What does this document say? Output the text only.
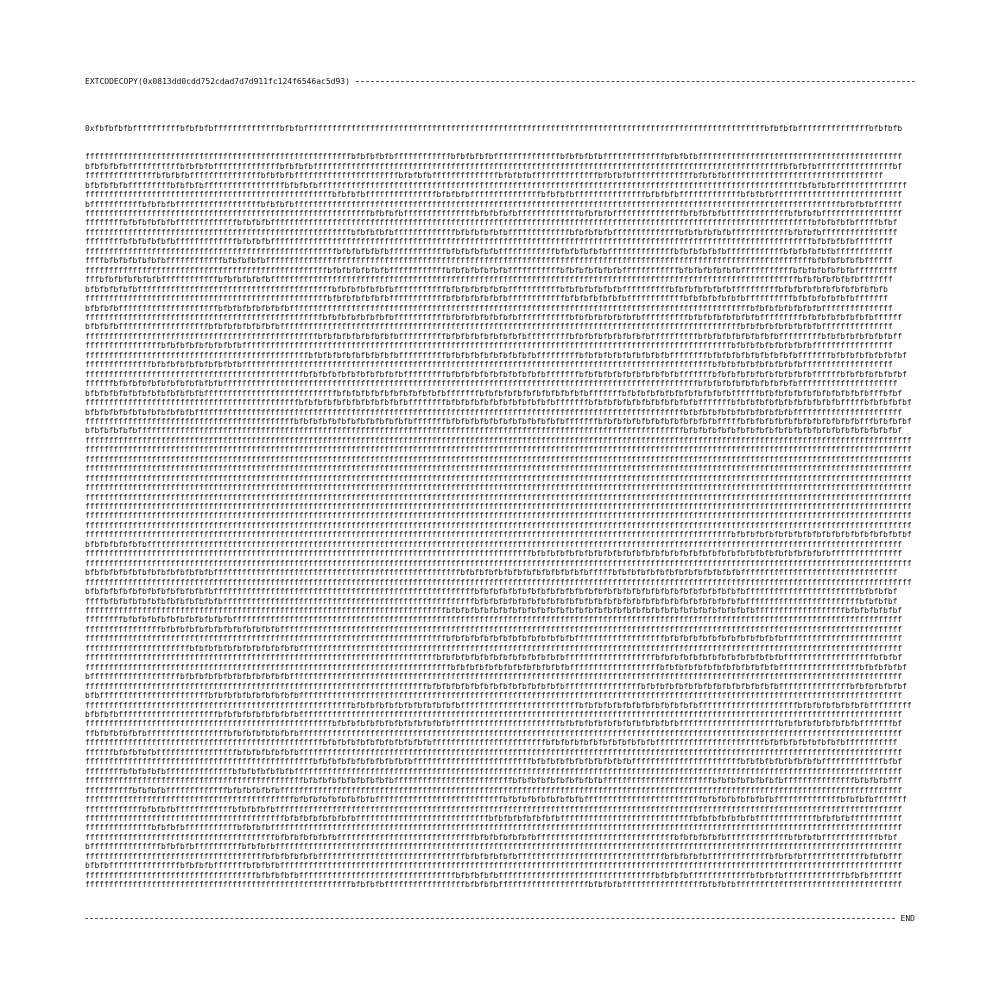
EXTCODECOPY(0x0813dd0cdd752cdad7d7d911fc124f6546ac5d93)

0xfbfbfbfbffffffffffbfbfbfbffffffffffffffbfbfbfffffffffffffffffffffffffffffffffffffffffffffffffffffffffffffffffffffffffffffffffffffffffffffffffbfbfbfbfffffffffffffffbfbfbfb

ffffffffffffffffffffffffffffffffffffffffffffffffffffffffbfbfbfbfbffffffffffffbfbfbfbfbffffffffffffffbfbfbfbfbfffffffffffffbfbfbfbfffffffffffffffffffffffffffffffffffffffffff
bfbfbfbfbfffffffffffbfbfbfbffffffffffffffbfbfbfbfffffffffffffffffffffffffffffffffffffffffffffffffffffffffffffffffffffffffffffffffffffffffffffffffffbfbfbfbffffffffffffffffbf
fffffffffffffffbfbfbfbfffffffffffffffbfbfbfbffffffffffffffffffffffbfbfbfbffffffffffffffbfbfbfbffffffffffffffbfbfbfbfffffffffffffbfbfbfbfffffffffffffffffffffffffffffffff
bfbfbfbfbfffffffffbfbfbfbfffffffffffffffffbfbfbfbffffffffffffffffffffffffffffffffffffffffffffffffffffffffffffffffffffffffffffffffffffffffffffffffffffffbfbfbfbfffffffffffffff
ffffffffffffffffffffffffffffffffffffffffffffffffffffbfbfbfbfffffffffffffffbfbfbfbfffffffffffffffbfbfbfbfffffffffffffffbfbfbfbfffffffffffffbfbfbfbfffffffffffffffffffffffffff
bfffffffffffbfbfbfbffffffffffffffffffbfbfbfbfffffffffffffffffffffffffffffffffffffffffffffffffffffffffffffffffffffffffffffffffffffffffffffffffffffffffffffffffffbfbfbfbffffff
ffffffffffffffffffffffffffffffffffffffffffffffffffffffffffffbfbfbfbfffffffffffffffbfbfbfbfbfffffffffffffbfbfbfbfffffffffffffffbfbfbfbfbfffffffffffffbfbfbfbfffffffffffffffff
ffffffffbfbfbfbfbfbfffffffffffffbfbfbfbffffffffffffffffffffffffffffffffffffffffffffffffffffffffffffffffffffffffffffffffffffffffffffffffffffffffffffffffffbfbfbfbfbfffffbfbf
ffffffffffffffffffffffffffffffffffffffffffffffffffffffffbfbfbfbfbfffffffffffffbfbfbfbfbfbfffffffffffffbfbfbfbfbffffffffffffffbfbfbfbfbfbffffffffffffbfbfbfbffffffffffffffff
ffffffffbfbfbfbfbfbfffffffffffffbfbfbfbffffffffffffffffffffffffffffffffffffffffffffffffffffffffffffffffffffffffffffffffffffffffffffffffffffffffffffffffffbfbfbfbfbffffffff
fffffffffffffffffffffffffffffffffffffffffffffffffffffbfbfbfbfbfbffffffffffffbfbfbfbfbfbffffffffffffbfbfbfbfbfbffffffffffffffbfbfbfbfbfbffffffffffffbfbfbfbfbfbffffffffffff
ffffbfbfbfbfbfbfbffffffffffffbfbfbfbfbfffffffffffffffffffffffffffffffffffffffffffffffffffffffffffffffffffffffffffffffffffffffffffffffffffffffffffffffffffbfbfbfbfbfbffffff
fffffffffffffffffffffffffffffffffffffffffffffffffffbfbfbfbfbfbfbffffffffffffbfbfbfbfbfbfbfffffffffffbfbfbfbfbfbfbffffffffffffbfbfbfbfbfbfbfffffffffffbfbfbfbfbfbfbfffffffff
fffbfbfbfbfbfbfbffffffffffffbfbfbfbfbfbfffffffffffffffffffffffffffffffffffffffffffffffffffffffffffffffffffffffffffffffffffffffffffffffffffffffffffffffbfbfbfbfbfbfbfffffff
bfbfbfbfbfbfffffffffffffffffffffffffffffffffffffffffbfbfbfbfbfbfbfffffffffffbfbfbfbfbfbfbfffffffffffbfbfbfbfbfbfbffffffffffbfbfbfbfbfbfbffffffffffbfbfbfbfbfbfbfbfbfbfbfb
fffffffffffffffffffffffffffffffffffffffffffffffffffbfbfbfbfbfbfbffffffffffffbfbfbfbfbfbfbffffffffffffbfbfbfbfbfbfbffffffffffffbfbfbfbfbfbfbffffffffffbfbfbfbfbfbfbfffffff
bfbfbfbfffffffffffffffffffffbfbfbfbfbfbfbfbfffffffffffffffffffffffffffffffffffffffffffffffffffffffffffffffffffffffffffffffffffffffffffffffffbfbfbfbfbfbfbfbfffffffffffffff
ffffffffffffffffffffffffffffffffffffffffffffffffffbfbfbfbfbfbfbfbfffffffffffbfbfbfbfbfbfbfbfffffffffffbfbfbfbfbfbfbfbffffffffffbfbfbfbfbfbfbfbfffffffffbfbfbfbfbfbfbfbffffff
bfbfbfbfffffffffffffffffffbfbfbfbfbfbfbfbfffffffffffffffffffffffffffffffffffffffffffffffffffffffffffffffffffffffffffffffffffffffffffffffffbfbfbfbfbfbfbfbfbfffffffffffffff
fffffffffffffffffffffffffffffffffffffffffffffffffbfbfbfbfbfbfbfbfbffffffffffbfbfbfbfbfbfbfbfbfffffffffbfbfbfbfbfbfbfbfbffffffffffbfbfbfbfbfbfbfbfbfffffffffbfbfbfbfbfbfbfbff
ffffffffffffffffbfbfbfbfbfbfbfbfbfffffffffffffffffffffffffffffffffffffffffffffffffffffffffffffffffffffffffffffffffffffffffffffffffffffffbfbfbfbfbfbfbfbfbfffffffffffffffff
fffffffffffffffffffffffffffffffffffffffffffffffbfbfbfbfbfbfbfbfbfbffffffffffbfbfbfbfbfbfbfbfbfbfffffffffbfbfbfbfbfbfbfbfbfbffffffffbfbfbfbfbfbfbfbfbfbfffffffbfbfbfbfbfbfbfbf
ffffffffffffffbfbfbfbfbfbfbfbfbfbfffffffffffffffffffffffffffffffffffffffffffffffffffffffffffffffffffffffffffffffffffffffffffffffffffbfbfbfbfbfbfbfbfbfbfffffffffffffffffff
ffffffffffffffffffffffffffffffffffffffffffffffbfbfbfbfbfbfbfbfbfbfbfffffffffbfbfbfbfbfbfbfbfbfbfbfffffffbfbfbfbfbfbfbfbfbfbfbfffffffbfbfbfbfbfbfbfbfbfbfbffffffbfbfbfbfbfbfbf
ffffffbfbfbfbfbfbfbfbfbfbfbfbffffffffffffffffffffffffffffffffffffffffffffffffffffffffffffffffffffffffffffffffffffffffffffffffffffbfbfbfbfbfbfbfbfbfbfbfffffffffffffffffffff
bfbfbfbfbfbfbfbfbfbfbfbfbffffffffffffffffffffffffffffbfbfbfbfbfbfbfbfbfbfbfbfffffffbfbfbfbfbfbfbfbfbfbfbfbfffffffbfbfbfbfbfbfbfbfbfbfbfbffffffbfbfbfbfbfbfbfbfbfbfbfbfffbfbf
fffffffffffffffffffffffffffffffffffffffffffffbfbfbfbfbfbfbfbfbfbfbfbffffffffbfbfbfbfbfbfbfbfbfbfbfbfffffffbfbfbfbfbfbfbfbfbfbfbfbfffffffbfbfbfbfbfbfbfbfbfbfbfbfffffbfbfbfbfbf
bfbfbfbfbfbfbfbfbfbfbfbfffffffffffffffffffffffffffffffffffffffffffffffffffffffffffffffffffffffffffffffffffffffffffffffffffffffbfbfbfbfbfbfbfbfbfbfbfbfffffffffffffffffffffff
ffffffffffffffffffffffffffffffffffffffffffffbfbfbfbfbfbfbfbfbfbfbfbfbfffffffbfbfbfbfbfbfbfbfbfbfbfbfbfffffffbfbfbfbfbfbfbfbfbfbfbfbfbfffffbfbfbfbfbfbfbfbfbfbfbfbfbfffbfbfbfbf
bfbfbfbfbfbfffffffffffffffffffffffffffffffffffffffffffffffffffffffffffffffffffffffffffffffffffffffffffffffffffffffffffffffffffbfbfbfbfbfbfbfbfbfbfbfbfbfbfbfbfbfbfbfbfbfbfbf
ffffffffffffffffffffffffffffffffffffffffffffffffffffffffffffffffffffffffffffffffffffffffffffffffffffffffffffffffffffffffffffffffffffffffffffffffffffffffffffffffffffffffffffff
ffffffffffffffffffffffffffffffffffffffffffffffffffffffffffffffffffffffffffffffffffffffffffffffffffffffffffffffffffffffffffffffffffffffffffffffffffffffffffffffffffffffffffffff
ffffffffffffffffffffffffffffffffffffffffffffffffffffffffffffffffffffffffffffffffffffffffffffffffffffffffffffffffffffffffffffffffffffffffffffffffffffffffffffffffffffffffffffff
ffffffffffffffffffffffffffffffffffffffffffffffffffffffffffffffffffffffffffffffffffffffffffffffffffffffffffffffffffffffffffffffffffffffffffffffffffffffffffffffffffffffffffffff
ffffffffffffffffffffffffffffffffffffffffffffffffffffffffffffffffffffffffffffffffffffffffffffffffffffffffffffffffffffffffffffffffffffffffffffffffffffffffffffffffffffffffffffff
ffffffffffffffffffffffffffffffffffffffffffffffffffffffffffffffffffffffffffffffffffffffffffffffffffffffffffffffffffffffffffffffffffffffffffffffffffffffffffffffffffffffffffffff
ffffffffffffffffffffffffffffffffffffffffffffffffffffffffffffffffffffffffffffffffffffffffffffffffffffffffffffffffffffffffffffffffffffffffffffffffffffffffffffffffffffffffffffff
ffffffffffffffffffffffffffffffffffffffffffffffffffffffffffffffffffffffffffffffffffffffffffffffffffffffffffffffffffffffffffffffffffffffffffffffffffffffffffffffffffffffffffffff
ffffffffffffffffffffffffffffffffffffffffffffffffffffffffffffffffffffffffffffffffffffffffffffffffffffffffffffffffffffffffffffffffffffffffffffffffffffffffffffffffffffffffffffff
ffffffffffffffffffffffffffffffffffffffffffffffffffffffffffffffffffffffffffffffffffffffffffffffffffffffffffffffffffffffffffffffffffffffffffffffffffffffffffffffffffffffffffffff
ffffffffffffffffffffffffffffffffffffffffffffffffffffffffffffffffffffffffffffffffffffffffffffffffffffffffffffffffffffffffffffffffffffffffbfbfbfbfbfbfbfbfbfbfbfbfbfbfbfbfbfbfbf
bfbfbfbfbfbfbfffffffffffffffffffffffffffffffffffffffffffffffffffffffffffffffffffffffffffffffffffffffffffffffffffffffffffffffffffffffffffffffffffffffffffffffffffffffffffffff
ffffffffffffffffffffffffffffffffffffffffffffffffffffffffffffffffffffffffffffffffffffffffffffffbfbfbfbfbfbfbfbfbfbfbfbfbfbfbfbfbfbfbfbfbfbfbfbfbfbfbfbfbfbfbfbfffffffffffffff
ffffffffffffffffffffffffffffffffffffffffffffffffffffffffffffffffffffffffffffffffffffffffffffffffffffffffffffffffffffffffffffffffffffffffffffffffffffffffffffffffffffffffffffff
bfbfbfbfbfbfbfbfbfbfbfbfbfbffffffffffffffffffffffffffffffffffffffffffffffffffffbfbfbfbfbfbfbfbfbfbfbfbfbfbfffffbfbfbfbfbfbfbfbfbfbfbfbfbfbfffffffffffffffffffffffffffffffff
ffffffffffffffffffffffffffffffffffffffffffffffffffffffffffffffffffffffffffffffffffffffffffffffffffffffffffffffffffffffffffffffffffffffffffffffffffffffffffffffffffffffffffffff
bfbfbfbfbfbfbfbfbfbfbfbfbfbfffffffffffffffffffffffffffffffffffffffffffffffffffffffbfbfbfbfbfbfbfbfbfbfbfbfbfbfbfbfbfbfbfbfbfbfbfbfbfbfbfbfbffffffffffffffffffffffffbfbfbfbf
ffffbfbfbfbfbfbfbfbfbfbfbfbfbfffffffffffffffffffffffffffffffffffffffffffffffffffffbfbfbfbfbfbfbfbfbfbfbfbfbfbfbfbfbfbfbfbfbfbfbfbfbfbfbfbfbffffffffffffffffffffffffbfbfbfbf
ffffffffffffffffffffffffffffffffffffffffffffffffffffffffffffffffffffffffffffbfbfbfbfbfbfbfbfbfbfbfbfbfbfbfbfbfbfbfbfbfbfbfbfbfbfbfbfbfbfbfbfbfffffffffffffffffffbfbfbfbfbfbf
ffffffffbfbfbfbfbfbfbfbfbfbfbfbfffffffffffffffffffffffffffffffffffffffffffffffffffffffffffffffffffffffffffffffffffffffffffffffffffffffffffffffffffffffffffffffffffffffffffff
ffffffffffffffffbfbfbfbfbfbfbfbfbfbfbfbfbfffffffffffffffffffffffffffffffffffffffffffffffffffffffffffffffffffffffffffffffffffffffffffffffffffffffffffffffffffffffffffffffffff
ffffffffffffffffffffffffffffffffffffffffffffffffffffffffffffffffffffffffffffbfbfbfbfbfbfbfbfbfbfbfbfbfbfffffffffffffffffffbfbfbfbfbfbfbfbfbfbfbfbfbfffffffffffffffffffffffff
ffffffffffffffffffffffbfbfbfbfbfbfbfbfbfbfbfbfffffffffffffffffffffffffffffffffffffffffffffffffffffffffffffffffffffffffffffffffffffffffffffffffffffffffffffffffffffffffffffff
ffffffffffffffffffffffffffffffffffffffffffffffffffffffffffffffffffffffffffbfbfbfbfbfbfbfbfbfbfbfbfbfbfffffffffffffffffffbfbfbfbfbfbfbfbfbfbfbfbfbfbfffffffffffffffffffbfbfbf
fffffffffffffffffffffffffffffffffffffffffffffffffffffffffffffffffffffffffffffbfbfbfbfbfbfbfbfbfbfbfbfbfffffffffffffffffffbfbfbfbfbfbfbfbfbfbfbfbfbfffffffffffffffffbfbfbfbfbf
bfffffffffffffffffffbfbfbfbfbfbfbfbfbfbfbfbfffffffffffffffffffffffffffffffffffffffffffffffffffffffffffffffffffffffffffffffffffffffffffffffffffffffffffffffffffffffffffffffff
ffffffffffffffffffffffffffffffffffffffffffffffffffffffffffffffffffffffffbfbfbfbfbfbfbfbfbfbfbfbfbfbfbffffffffffffffffbfbfbfbfbfbfbfbfbfbfbfbfbfbfbfffffffffffffffbfbfbfbfbfbf
bfbfffffffffffffffffffffffbfbfbfbfbfbfbfbfbfbfffffffffffffffffffffffffffffffffffffffffffffffffffffffffffffffffffffffffffffffffffffffffffffffffffffffffffffffffffffffffffffff
ffffffffffffffffffffffffffffffffffffffffffffffffffffffffbfbfbfbfbfbfbfbfbfbfbfbfffffffffffffffffffffffffbfbfbfbfbfbfbfbfbfbfbfbfbfffffffffffffffffffffbfbfbfbfbfbfbfbfffffffff
bfbfbfbfffffffffffffffffffffbfbfbfbfbfbfbfbfbfffffffffffffffffffffffffffffffffffffffffffffffffffffffffffffffffffffffffffffffffffffffffffffffffffffffffffffffffffffffffffffff
ffffffffffffffffffffffffffffffffffffffffffffffffffffbfbfbfbfbfbfbfbfbfbfbfbfbfffffffffffffffffffffffbfbfbfbfbfbfbfbfbfbfbfbfbfffffffffffffffffffffbfbfbfbfbfbfbfbfbfffffffbf
ffbfbfbfbfbfbfffffffffffffffffbfbfbfbfbfbfbfbfffffffffffffffffffffffffffffffffffffffffffffffffffffffffffffffffffffffffffffffffffffffffffffffffffffffffffffffffffffffffffffff
ffffffffffffffffffffffffffffffffffffffffffffffffffbfbfbfbfbfbfbfbfbfbfbfbffffffffffffffffffffffffbfbfbfbfbfbfbfbfbfbfbfbfffffffffffffffffffffffbfbfbfbfbfbfbfbfbfffffffffff
ffffffbfbfbfbfbfffffffffffffffffbfbfbfbfbfbfbfffffffffffffffffffffffffffffffffffffffffffffffffffffffffffffffffffffffffffffffffffffffffffffffffffffffffffffffffffffffffffffff
ffffffffffffffffffffffffffffffffffffffffffffffffbfbfbfbfbfbfbfbfbfbfbfffffffffffffffffffffffffbfbfbfbfbfbfbfbfbfbfbfffffffffffffffffffffffbfbfbfbfbfbfbfbfbfffffffffffffbfbf
ffffffffbfbfbfbfbffffffffffffffbfbfbfbfbfbfbffffffffffffffffffffffffffffffffffffffffffffffffffffffffffffffffffffffffffffffffffffffffffffffffffffffffffffffffffffffffffffffff
ffffffffffffffffffffffffffffffffffffffffffffffbfbfbfbfbfbfbfbfbfbfffffffffffffffffffffffffbfbfbfbfbfbfbfbfbfbfffffffffffffffffffffffbfbfbfbfbfbfbfbfffffffffffffffbfbfbfbfff
ffffffffffbfbfbfbfffffffffffffbfbfbfbfbfbfffffffffffffffffffffffffffffffffffffffffffffffffffffffffffffffffffffffffffffffffffffffffffffffffffffffffffffffffffffffffffffffffff
ffffffffffffffffffffffffffffffffffffffffffffbfbfbfbfbfbfbfbfbfffffffffffffffffffffffffffbfbfbfbfbfbfbfbfbfffffffffffffffffffffffffbfbfbfbfbfbfbfbffffffffffffffbfbfbfbfffffff
ffffffffffffbfbfbfbffffffffffffbfbfbfbfbffffffffffffffffffffffffffffffffffffffffffffffffffffffffffffffffffffffffffffffffffffffffffffffffffffffffffffffffffffffffffffffffffff
ffffffffffffffffffffffffffffffffffffffffffbfbfbfbfbfbfbfbffffffffffffffffffffffffffffbfbfbfbfbfbfbfbffffffffffffffffffffffffffffbfbfbfbfbfbfbfffffffffffffbfbfbfbfffffffffff
ffffffffffffffbfbfbfbfffffffffffbfbfbfbfffffffffffffffffffffffffffffffffffffffffffffffffffffffffffffffffffffffffffffffffffffffffffffffffffffffffffffffffffffffffffffffffffff
ffffffffffffffffffffffffffffffffffffffffbfbfbfbfbfbfbfffffffffffffffffffffffffffffbfbfbfbfbfbfbfffffffffffffffffffffffffffffbfbfbfbfbfbfffffffffffffbfbfbfbffffffffffffbfbf
bfffffffffffffffbfbfbfbffffffffffbfbfbfbffffffffffffffffffffffffffffffffffffffffffffffffffffffffffffffffffffffffffffffffffffffffffffffffffffffffffffffffffffffffffffffffffff
ffffffffffffffffffffffffffffffffffffffbfbfbfbfbfbfffffffffffffffffffffffffffffffbfbfbfbfbfbfffffffffffffffffffffffffffffffbfbfbfbfbfffffffffffffbfbfbfbfffffffffffffbfbfbfff
bfbfbfffffffffffffffbfbfbfbfffffffbfbfbfbfffffffffffffffffffffffffffffffffffffffffffffffffffffffffffffffffffffffffffffffffffffffffffffffffffffffffffffffffffffffffffffffffff
ffffffffffffffffffffffffffffffffffffbfbfbfbfbfffffffffffffffffffffffffffffffffbfbfbfbfbfffffffffffffffffffffffffffffffffbfbfbfbfffffffffffffbfbfbfbfffffffffffffbfbfbfffffff
ffffffffffffffffffffffffffffffffffffffffffffffffffffffffbfbfbfbfffffffffffffffffbfbfbfbfffffffffffffffffffbfbfbfbfffffffffffffffffbfbfbfbfffffffffffffffffffffffffffffffffff
END
